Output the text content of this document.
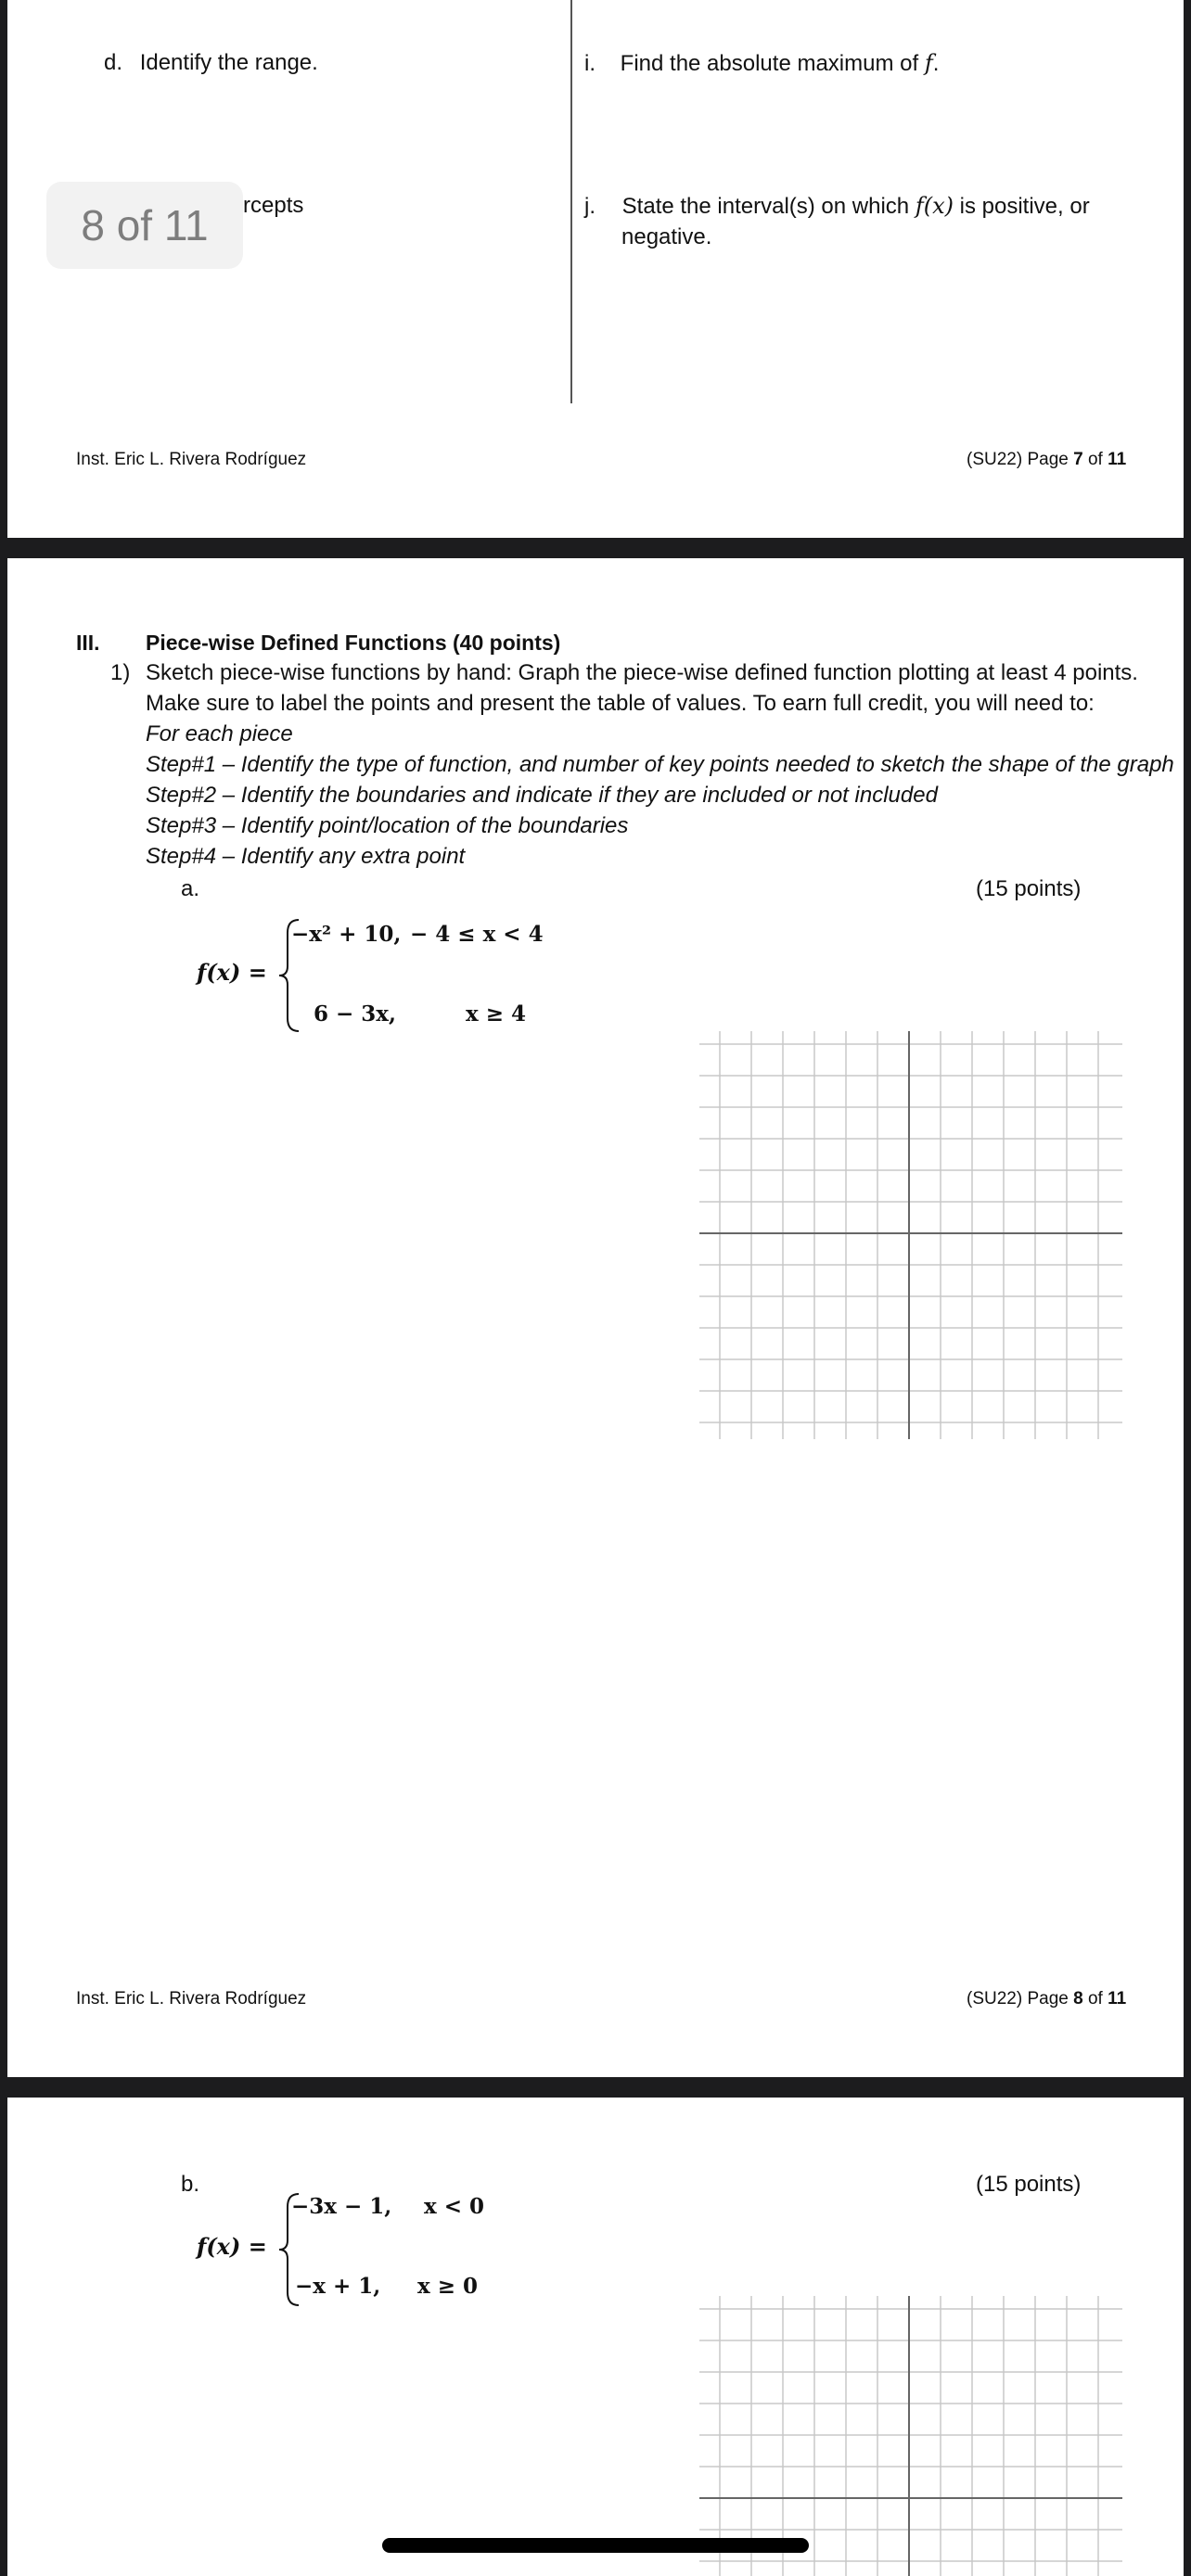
d. Identify the range.
rcepts
i. Find the absolute maximum of f.
j. State the interval(s) on which f(x) is positive, or
negative.
Inst. Eric L. Rivera Rodríguez	(SU22) Page 7 of 11
8 of 11
III. Piece-wise Defined Functions (40 points)
1) Sketch piece-wise functions by hand: Graph the piece-wise defined function plotting at least 4 points.
Make sure to label the points and present the table of values. To earn full credit, you will need to:
For each piece
Step#1 – Identify the type of function, and number of key points needed to sketch the shape of the graph
Step#2 – Identify the boundaries and indicate if they are included or not included
Step#3 – Identify point/location of the boundaries
Step#4 – Identify any extra point
a.	(15 points)
f(x) =
−x² + 10, − 4 ≤ x < 4
6 − 3x,	x ≥ 4
Inst. Eric L. Rivera Rodríguez	(SU22) Page 8 of 11
b.	(15 points)
f(x) =
−3x − 1, x < 0
−x + 1, x ≥ 0
